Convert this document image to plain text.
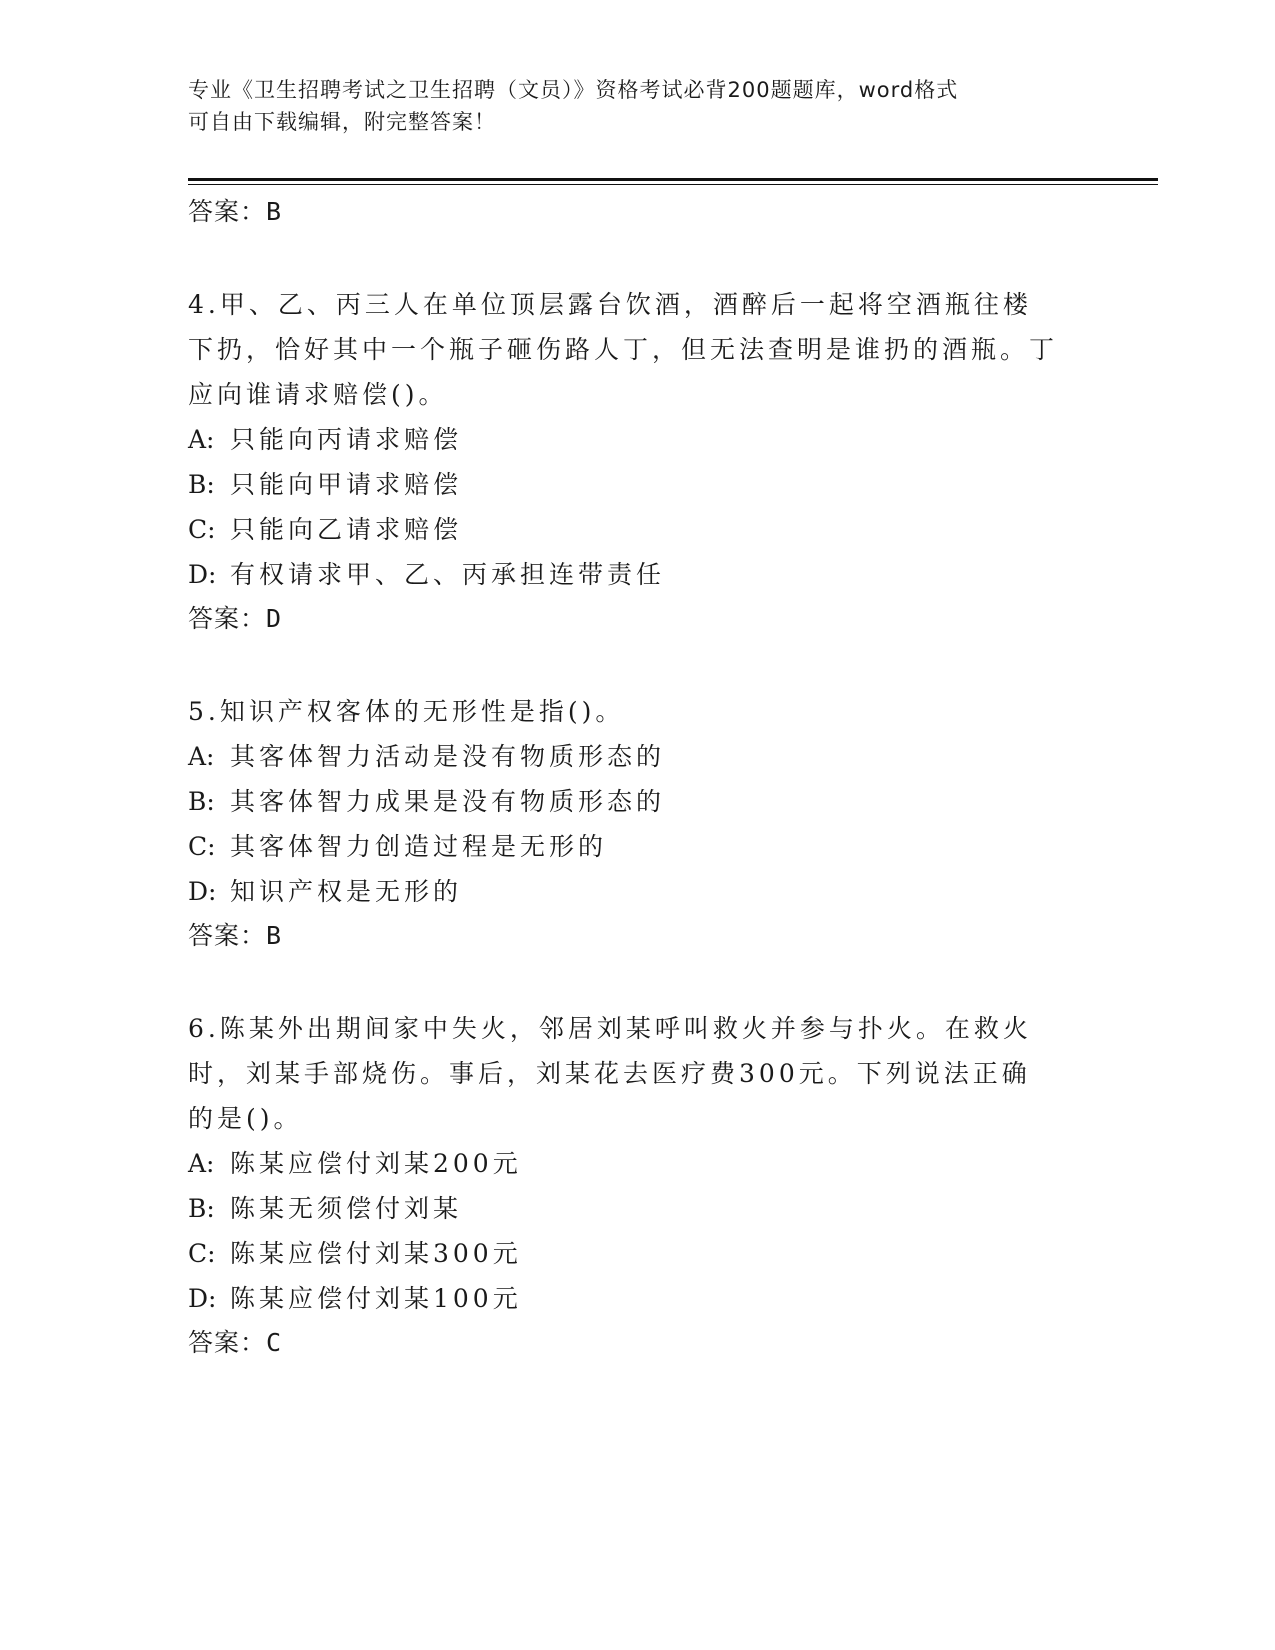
专业《卫生招聘考试之卫生招聘（文员）》资格考试必背200题题库，word格式
可自由下载编辑，附完整答案！
答案：B

4.甲、乙、丙三人在单位顶层露台饮酒，酒醉后一起将空酒瓶往楼下扔，恰好其中一个瓶子砸伤路人丁，但无法查明是谁扔的酒瓶。丁应向谁请求赔偿()。

A: 只能向丙请求赔偿
B: 只能向甲请求赔偿
C: 只能向乙请求赔偿
D: 有权请求甲、乙、丙承担连带责任
答案：D

5.知识产权客体的无形性是指()。

A: 其客体智力活动是没有物质形态的
B: 其客体智力成果是没有物质形态的
C: 其客体智力创造过程是无形的
D: 知识产权是无形的
答案：B

6.陈某外出期间家中失火，邻居刘某呼叫救火并参与扑火。在救火时，刘某手部烧伤。事后，刘某花去医疗费300元。下列说法正确的是()。

A: 陈某应偿付刘某200元
B: 陈某无须偿付刘某
C: 陈某应偿付刘某300元
D: 陈某应偿付刘某100元
答案：C
